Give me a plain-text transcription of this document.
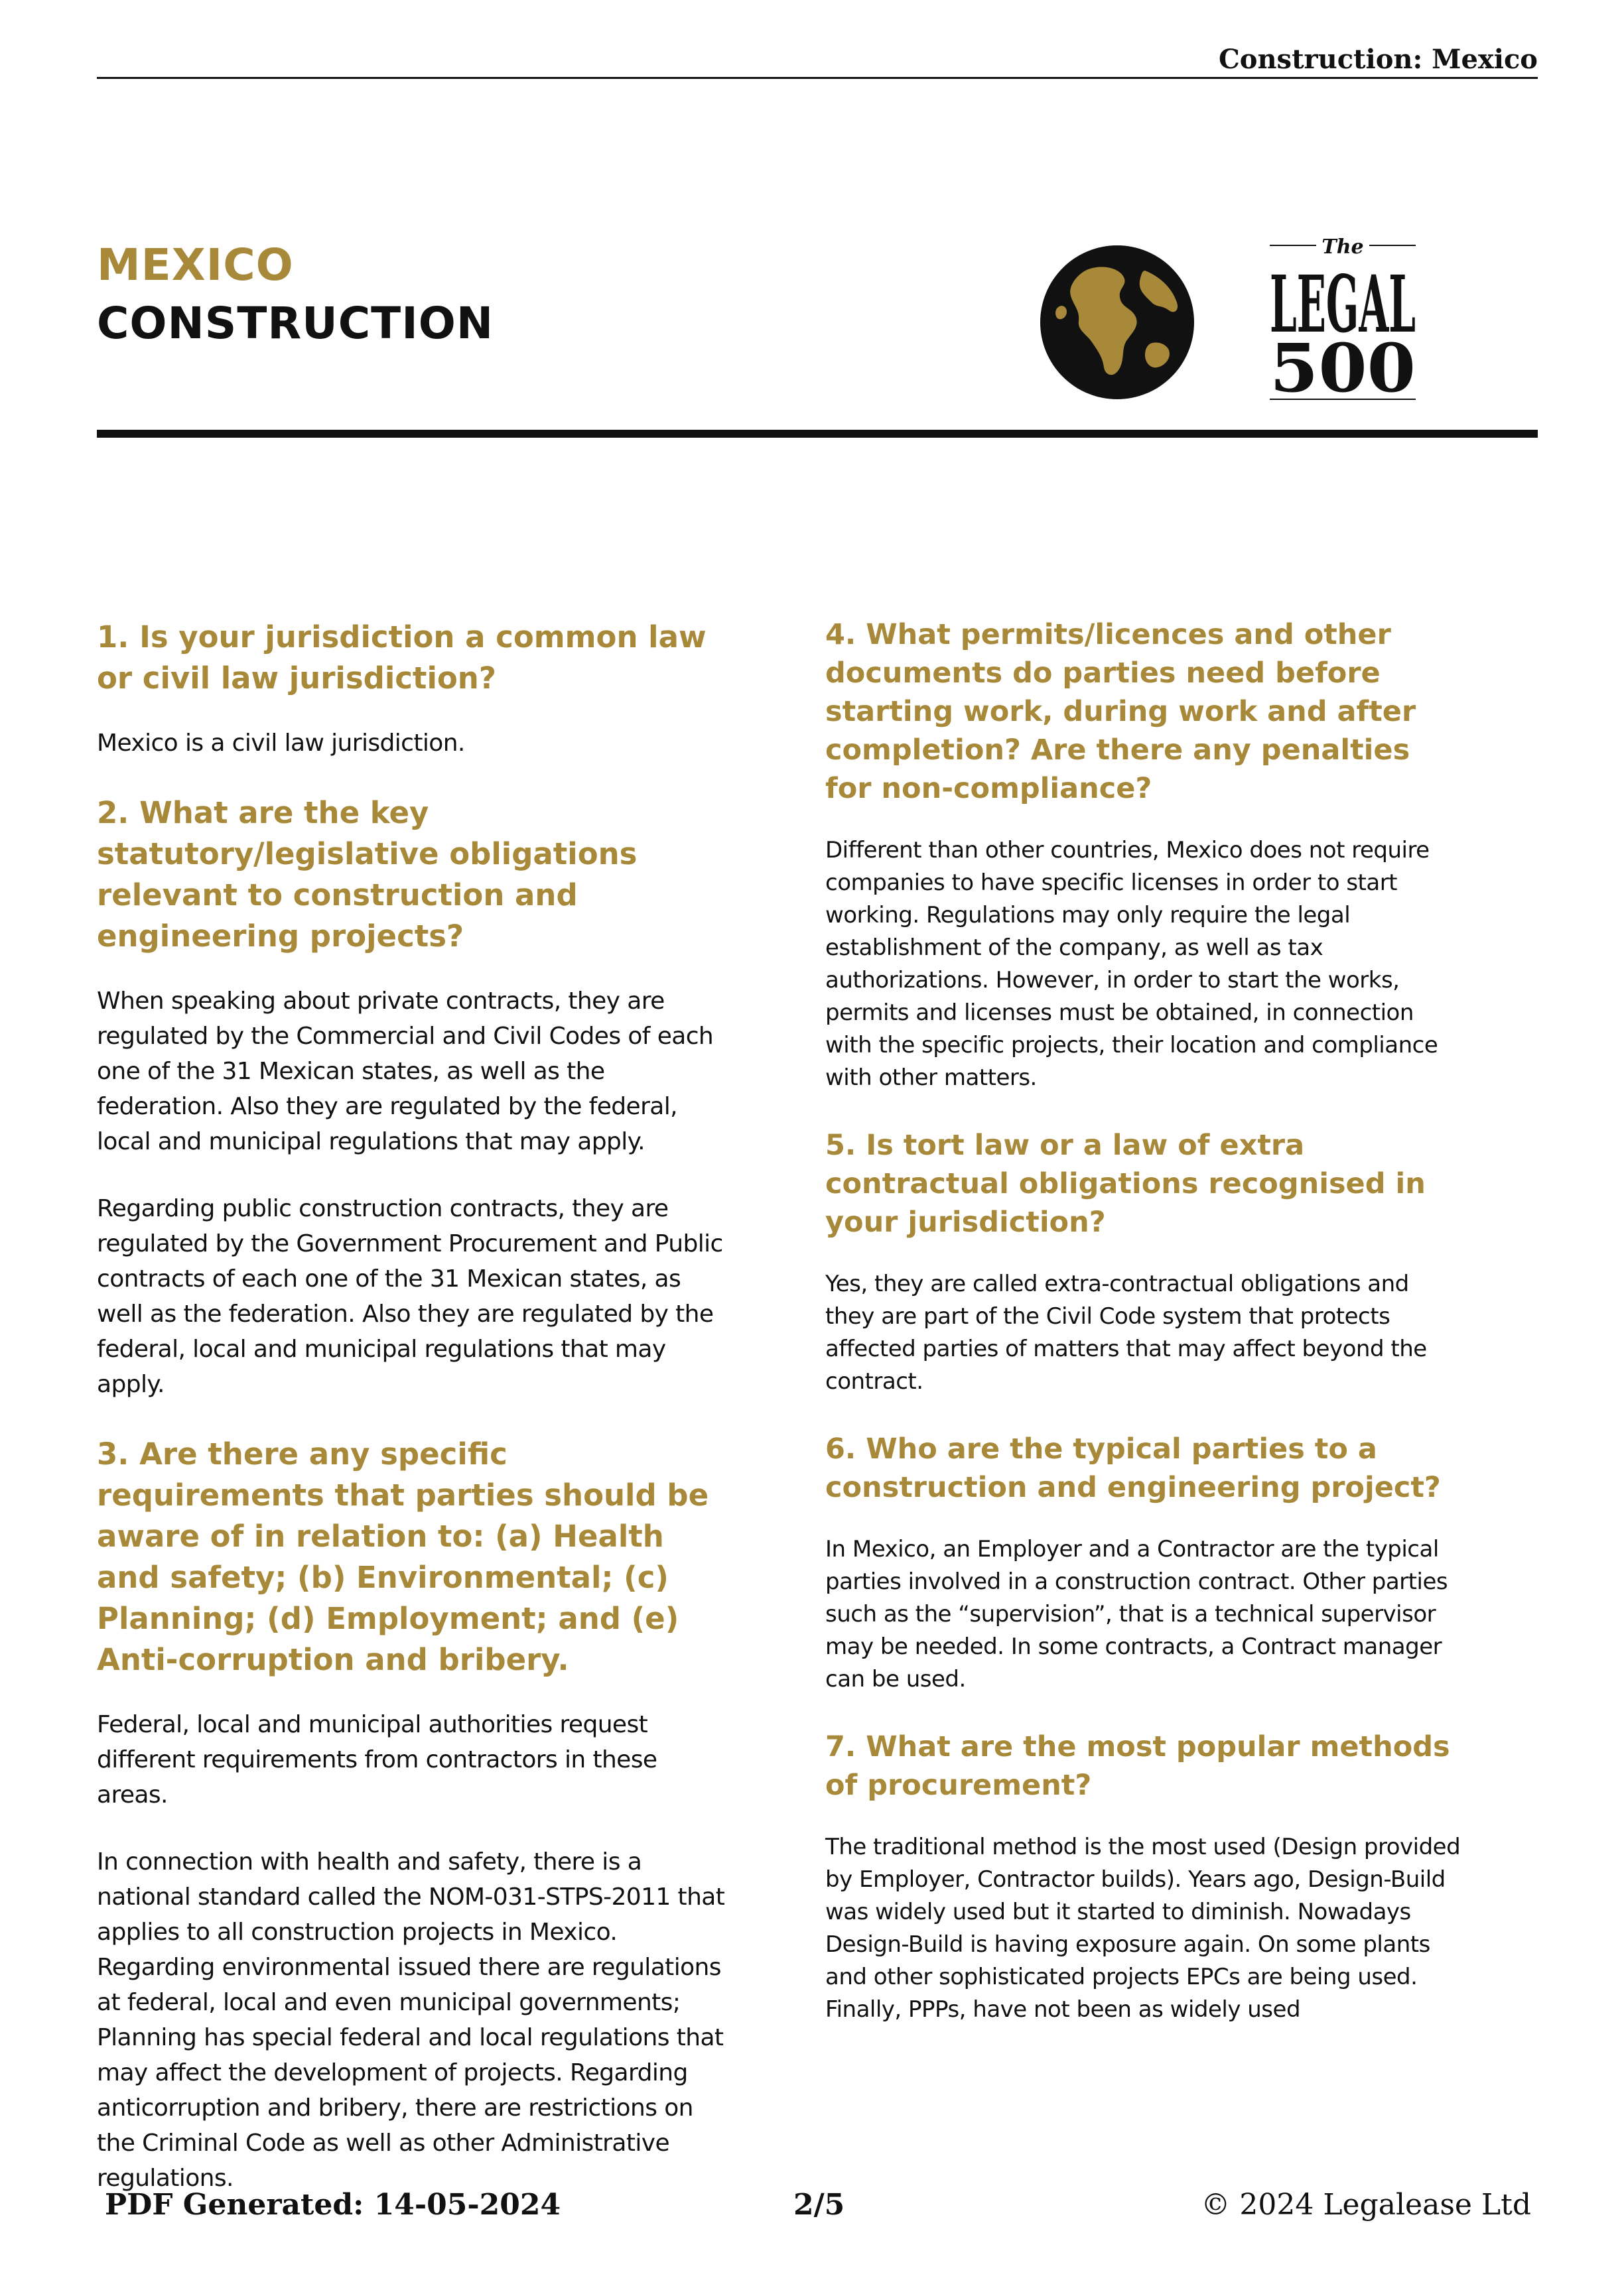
Construction: Mexico
MEXICO
CONSTRUCTION
The
LEGAL
500
1. Is your jurisdiction a common law or civil law jurisdiction?
Mexico is a civil law jurisdiction.
2. What are the key statutory/legislative obligations relevant to construction and engineering projects?
When speaking about private contracts, they are regulated by the Commercial and Civil Codes of each one of the 31 Mexican states, as well as the federation. Also they are regulated by the federal, local and municipal regulations that may apply.
Regarding public construction contracts, they are regulated by the Government Procurement and Public contracts of each one of the 31 Mexican states, as well as the federation. Also they are regulated by the federal, local and municipal regulations that may apply.
3. Are there any specific requirements that parties should be aware of in relation to: (a) Health and safety; (b) Environmental; (c) Planning; (d) Employment; and (e) Anti-corruption and bribery.
Federal, local and municipal authorities request different requirements from contractors in these areas.
In connection with health and safety, there is a national standard called the NOM-031-STPS-2011 that applies to all construction projects in Mexico. Regarding environmental issued there are regulations at federal, local and even municipal governments; Planning has special federal and local regulations that may affect the development of projects. Regarding anticorruption and bribery, there are restrictions on the Criminal Code as well as other Administrative regulations.
4. What permits/licences and other documents do parties need before starting work, during work and after completion? Are there any penalties for non-compliance?
Different than other countries, Mexico does not require companies to have specific licenses in order to start working. Regulations may only require the legal establishment of the company, as well as tax authorizations. However, in order to start the works, permits and licenses must be obtained, in connection with the specific projects, their location and compliance with other matters.
5. Is tort law or a law of extra contractual obligations recognised in your jurisdiction?
Yes, they are called extra-contractual obligations and they are part of the Civil Code system that protects affected parties of matters that may affect beyond the contract.
6. Who are the typical parties to a construction and engineering project?
In Mexico, an Employer and a Contractor are the typical parties involved in a construction contract. Other parties such as the “supervision”, that is a technical supervisor may be needed. In some contracts, a Contract manager can be used.
7. What are the most popular methods of procurement?
The traditional method is the most used (Design provided by Employer, Contractor builds). Years ago, Design-Build was widely used but it started to diminish. Nowadays Design-Build is having exposure again. On some plants and other sophisticated projects EPCs are being used. Finally, PPPs, have not been as widely used
PDF Generated: 14-05-2024	2/5	© 2024 Legalease Ltd
